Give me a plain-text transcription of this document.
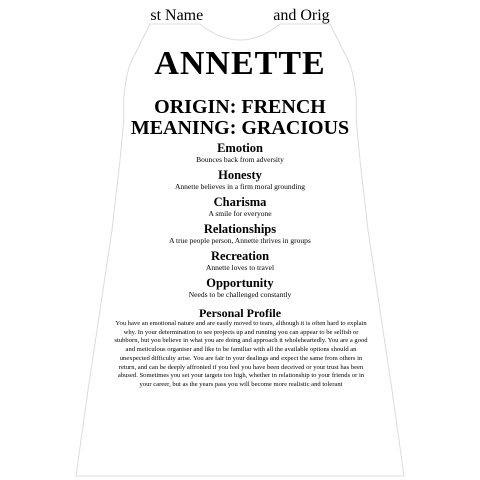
st Name	and Orig
ANNETTE
ORIGIN: FRENCH
MEANING: GRACIOUS
Emotion
Bounces back from adversity
Honesty
Annette believes in a firm moral grounding
Charisma
A smile for everyone
Relationships
A true people person, Annette thrives in groups
Recreation
Annette loves to travel
Opportunity
Needs to be challenged constantly
Personal Profile
You have an emotional nature and are easily moved to tears, although it is often hard to explain why. In your determination to see projects up and running you can appear to be selfish or stubborn, but you believe in what you are doing and approach it wholeheartedly. You are a good and meticulous organiser and like to be familiar with all the available options should an unexpected difficulty arise. You are fair in your dealings and expect the same from others in return, and can be deeply affronted if you feel you have been deceived or your trust has been abused. Sometimes you set your targets too high, whether in relationship to your friends or in your career, but as the years pass you will become more realistic and tolerant
